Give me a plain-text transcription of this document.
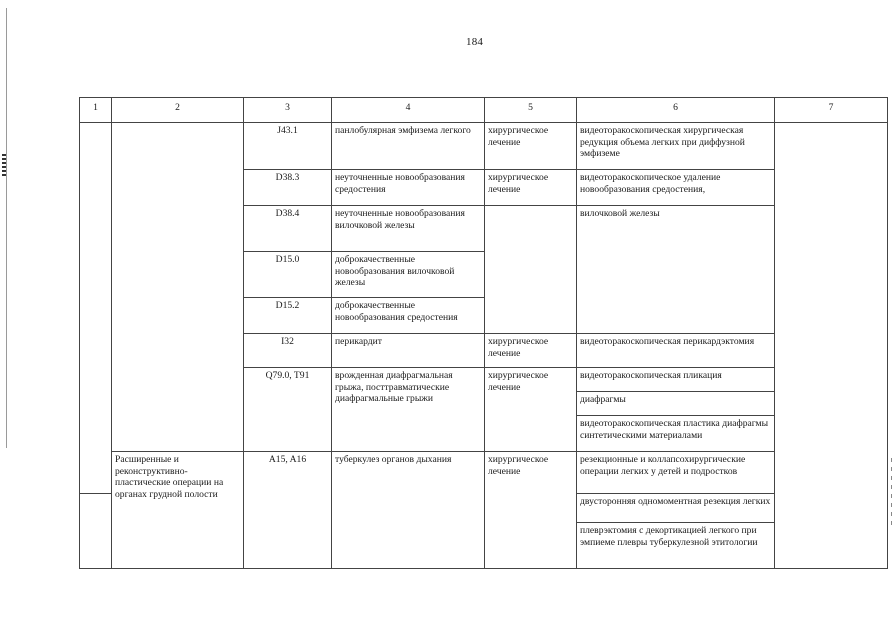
184
1	2	3	4	5	6	7
		J43.1	панлобулярная эмфизема легкого	хирургическое лечение	видеоторакоскопическая хирургическая редукция объема легких при диффузной эмфиземе	
		D38.3	неуточненные новообразования средостения	хирургическое лечение	видеоторакоскопическое удаление новообразования средостения,	
		D38.4	неуточненные новообразования вилочковой железы		вилочковой железы	
		D15.0	доброкачественные новообразования вилочковой железы			
		D15.2	доброкачественные новообразования средостения			
		I32	перикардит	хирургическое лечение	видеоторакоскопическая перикардэктомия	
		Q79.0, T91	врожденная диафрагмальная грыжа, посттравматические диафрагмальные грыжи	хирургическое лечение	видеоторакоскопическая пликация	
					диафрагмы	
					видеоторакоскопическая пластика диафрагмы синтетическими материалами	
	Расширенные и реконструктивно-пластические операции на органах грудной полости	A15, A16	туберкулез органов дыхания	хирургическое лечение	резекционные и коллапсохирургические операции легких у детей и подростков	
					двусторонняя одномоментная резекция легких	
					плеврэктомия с декортикацией легкого при эмпиеме плевры туберкулезной этитологии	
